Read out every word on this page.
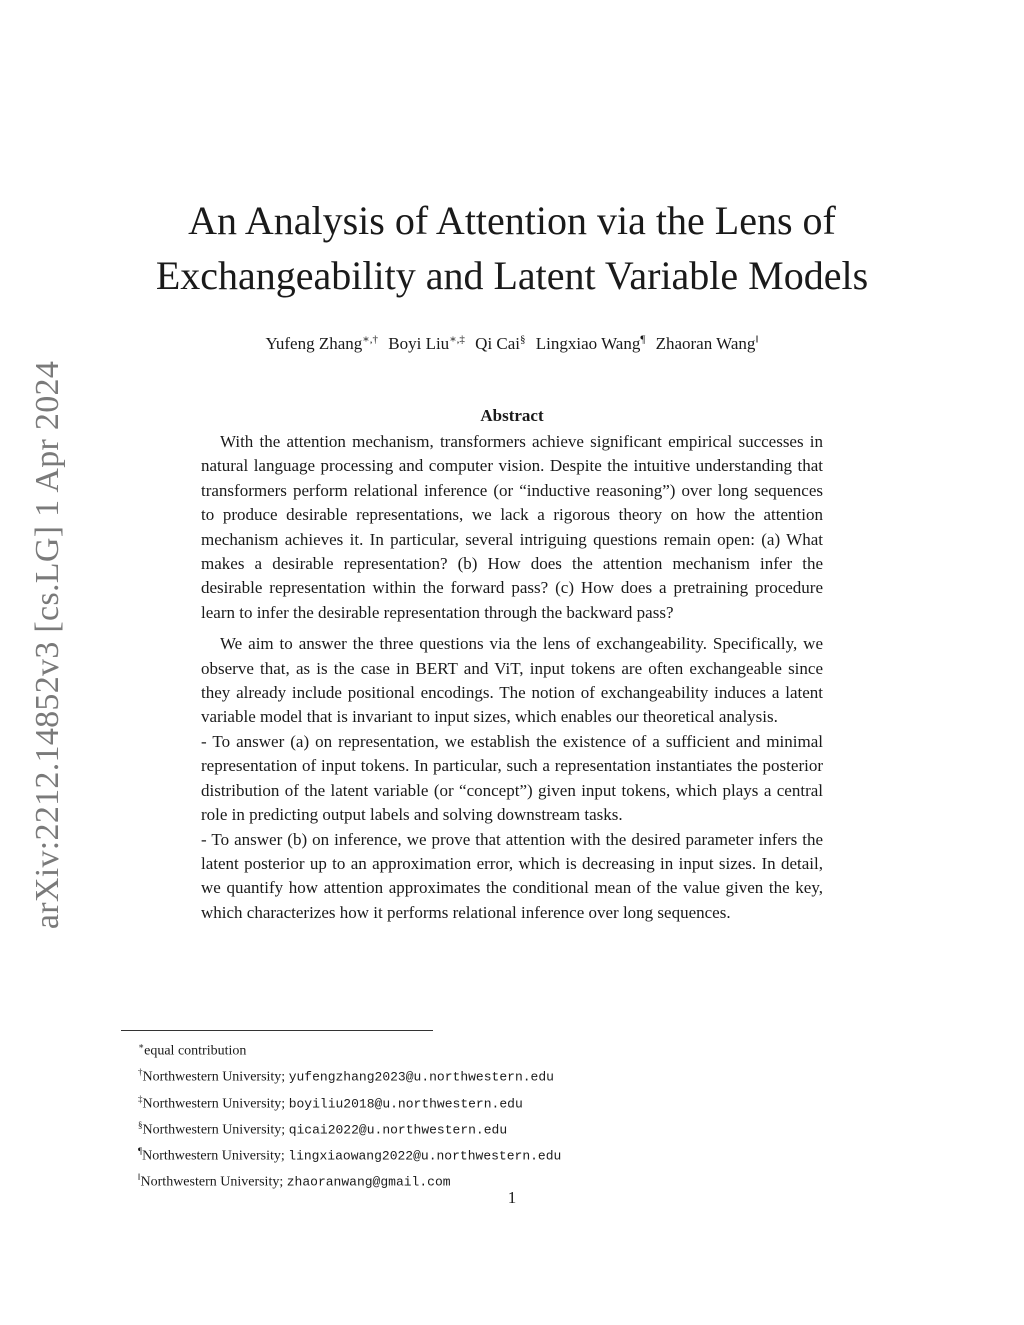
arXiv:2212.14852v3 [cs.LG] 1 Apr 2024
An Analysis of Attention via the Lens of
Exchangeability and Latent Variable Models
Yufeng Zhang∗,† Boyi Liu∗,‡ Qi Cai§ Lingxiao Wang¶ Zhaoran Wang‖
Abstract

With the attention mechanism, transformers achieve significant empirical successes in natural language processing and computer vision. Despite the intuitive understanding that transformers perform relational inference (or “inductive reasoning”) over long sequences to produce desirable representations, we lack a rigorous theory on how the attention mechanism achieves it. In particular, several intriguing questions remain open: (a) What makes a desirable representation? (b) How does the attention mechanism infer the desirable representation within the forward pass? (c) How does a pretraining procedure learn to infer the desirable representation through the backward pass?

We aim to answer the three questions via the lens of exchangeability. Specifically, we observe that, as is the case in BERT and ViT, input tokens are often exchangeable since they already include positional encodings. The notion of exchangeability induces a latent variable model that is invariant to input sizes, which enables our theoretical analysis.

- To answer (a) on representation, we establish the existence of a sufficient and minimal representation of input tokens. In particular, such a representation instantiates the posterior distribution of the latent variable (or “concept”) given input tokens, which plays a central role in predicting output labels and solving downstream tasks.

- To answer (b) on inference, we prove that attention with the desired parameter infers the latent posterior up to an approximation error, which is decreasing in input sizes. In detail, we quantify how attention approximates the conditional mean of the value given the key, which characterizes how it performs relational inference over long sequences.

∗equal contribution
†Northwestern University; yufengzhang2023@u.northwestern.edu
‡Northwestern University; boyiliu2018@u.northwestern.edu
§Northwestern University; qicai2022@u.northwestern.edu
¶Northwestern University; lingxiaowang2022@u.northwestern.edu
‖Northwestern University; zhaoranwang@gmail.com
1
